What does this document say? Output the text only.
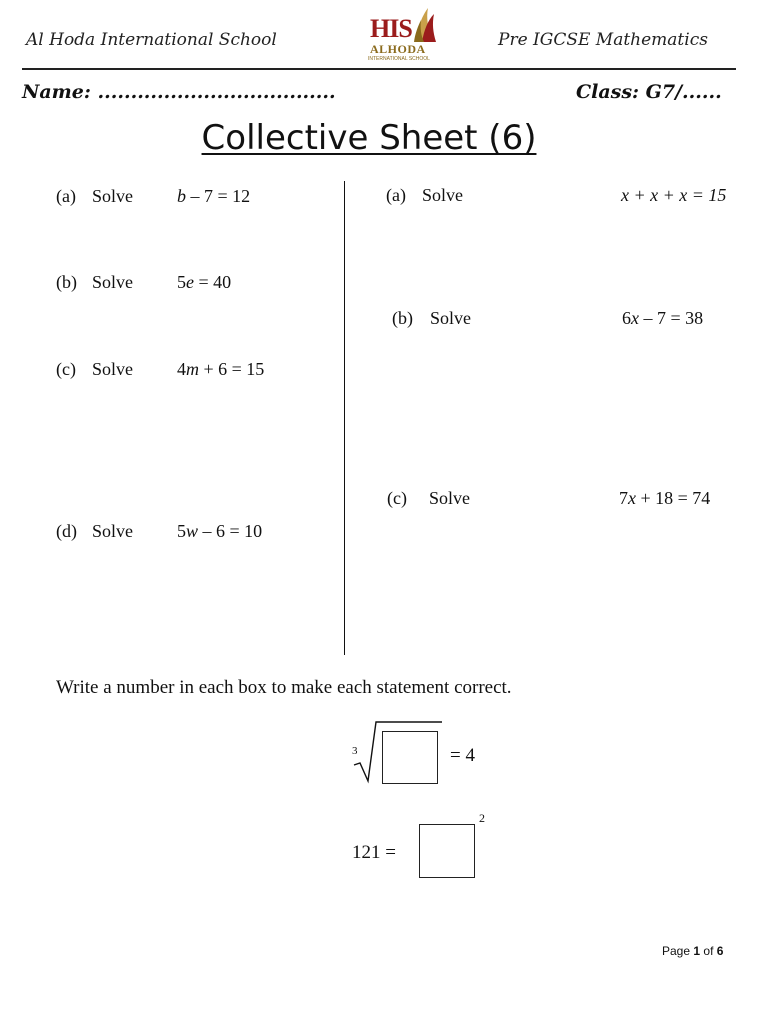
Al Hoda International School	HIS
ALHODA
INTERNATIONAL SCHOOL
Pre IGCSE Mathematics
Name: ....................................	Class: G7/......
Collective Sheet (6)
(a) Solve b – 7 = 12
(b) Solve 5e = 40
(c) Solve 4m + 6 = 15
(d) Solve 5w – 6 = 10
(a) Solve	x + x + x = 15
(b) Solve	6x – 7 = 38
(c) Solve	7x + 18 = 74
Write a number in each box to make each statement correct.
3	= 4
121 =
2
Page 1 of 6
